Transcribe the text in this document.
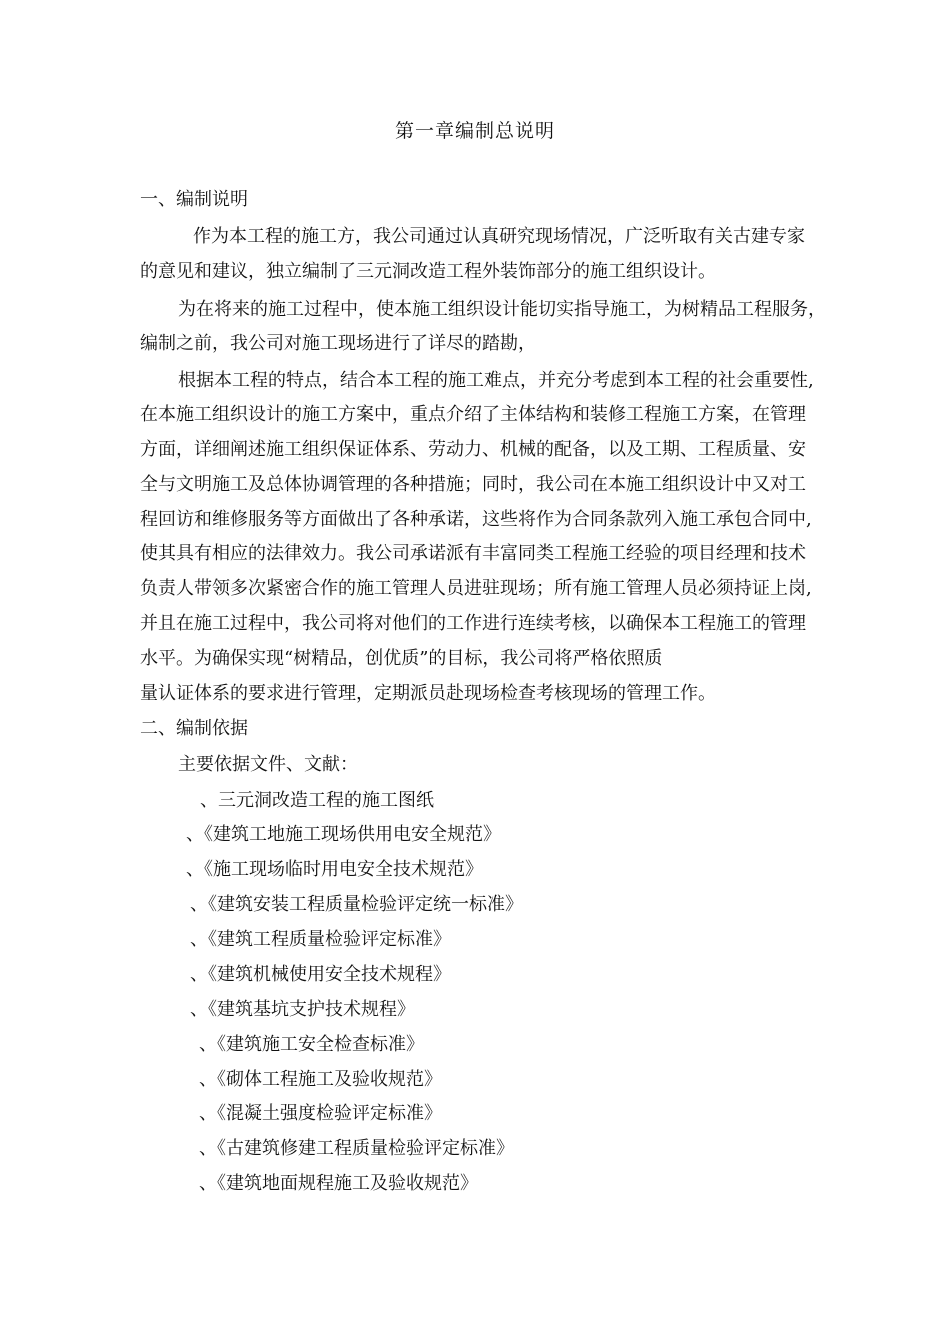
第一章编制总说明
一、编制说明
作为本工程的施工方，我公司通过认真研究现场情况，广泛听取有关古建专家
的意见和建议，独立编制了三元洞改造工程外装饰部分的施工组织设计。
为在将来的施工过程中，使本施工组织设计能切实指导施工，为树精品工程服务，
编制之前，我公司对施工现场进行了详尽的踏勘，
根据本工程的特点，结合本工程的施工难点，并充分考虑到本工程的社会重要性,
在本施工组织设计的施工方案中，重点介绍了主体结构和装修工程施工方案，在管理
方面，详细阐述施工组织保证体系、劳动力、机械的配备，以及工期、工程质量、安
全与文明施工及总体协调管理的各种措施；同时，我公司在本施工组织设计中又对工
程回访和维修服务等方面做出了各种承诺，这些将作为合同条款列入施工承包合同中,
使其具有相应的法律效力。我公司承诺派有丰富同类工程施工经验的项目经理和技术
负责人带领多次紧密合作的施工管理人员进驻现场；所有施工管理人员必须持证上岗,
并且在施工过程中，我公司将对他们的工作进行连续考核，以确保本工程施工的管理
水平。为确保实现“树精品，创优质”的目标，我公司将严格依照质
量认证体系的要求进行管理，定期派员赴现场检查考核现场的管理工作。
二、编制依据
主要依据文件、文献：
、三元洞改造工程的施工图纸
、《建筑工地施工现场供用电安全规范》
、《施工现场临时用电安全技术规范》
、《建筑安装工程质量检验评定统一标准》
、《建筑工程质量检验评定标准》
、《建筑机械使用安全技术规程》
、《建筑基坑支护技术规程》
、《建筑施工安全检查标准》
、《砌体工程施工及验收规范》
、《混凝土强度检验评定标准》
、《古建筑修建工程质量检验评定标准》
、《建筑地面规程施工及验收规范》
